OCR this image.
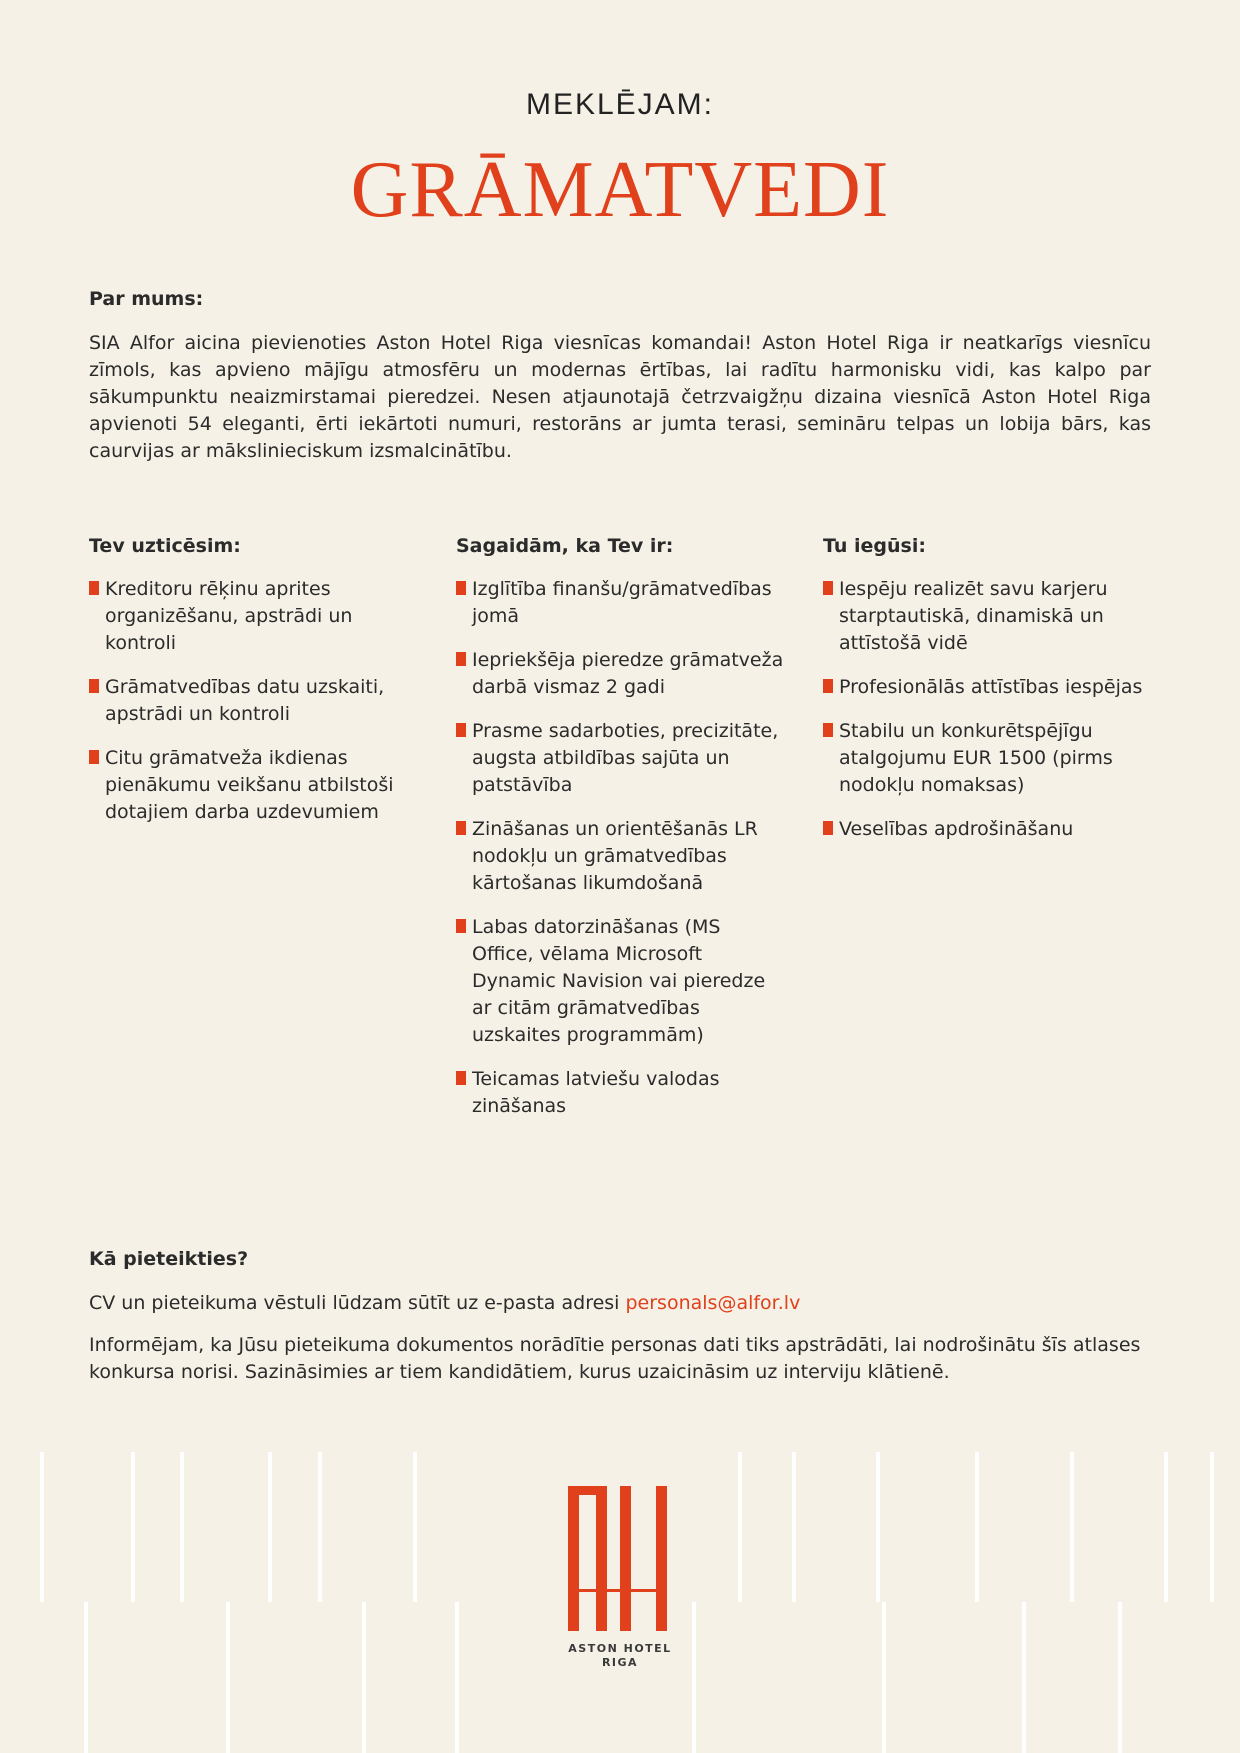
MEKLĒJAM:
GRĀMATVEDI
Par mums:
SIA Alfor aicina pievienoties Aston Hotel Riga viesnīcas komandai! Aston Hotel Riga ir neatkarīgs viesnīcu zīmols, kas apvieno mājīgu atmosfēru un modernas ērtības, lai radītu harmonisku vidi, kas kalpo par sākumpunktu neaizmirstamai pieredzei. Nesen atjaunotajā četrzvaigžņu dizaina viesnīcā Aston Hotel Riga apvienoti 54 eleganti, ērti iekārtoti numuri, restorāns ar jumta terasi, semināru telpas un lobija bārs, kas caurvijas ar mākslinieciskum izsmalcinātību.
Tev uzticēsim:
Kreditoru rēķinu aprites organizēšanu, apstrādi un kontroli
Grāmatvedības datu uzskaiti, apstrādi un kontroli
Citu grāmatveža ikdienas pienākumu veikšanu atbilstoši dotajiem darba uzdevumiem
Sagaidām, ka Tev ir:
Izglītība finanšu/grāmatvedības jomā
Iepriekšēja pieredze grāmatveža darbā vismaz 2 gadi
Prasme sadarboties, precizitāte, augsta atbildības sajūta un patstāvība
Zināšanas un orientēšanās LR nodokļu un grāmatvedības kārtošanas likumdošanā
Labas datorzināšanas (MS Office, vēlama Microsoft Dynamic Navision vai pieredze ar citām grāmatvedības uzskaites programmām)
Teicamas latviešu valodas zināšanas
Tu iegūsi:
Iespēju realizēt savu karjeru starptautiskā, dinamiskā un attīstošā vidē
Profesionālās attīstības iespējas
Stabilu un konkurētspējīgu atalgojumu EUR 1500 (pirms nodokļu nomaksas)
Veselības apdrošināšanu
Kā pieteikties?
CV un pieteikuma vēstuli lūdzam sūtīt uz e-pasta adresi personals@alfor.lv
Informējam, ka Jūsu pieteikuma dokumentos norādītie personas dati tiks apstrādāti, lai nodrošinātu šīs atlases konkursa norisi. Sazināsimies ar tiem kandidātiem, kurus uzaicināsim uz interviju klātienē.
ASTON HOTEL
RIGA
